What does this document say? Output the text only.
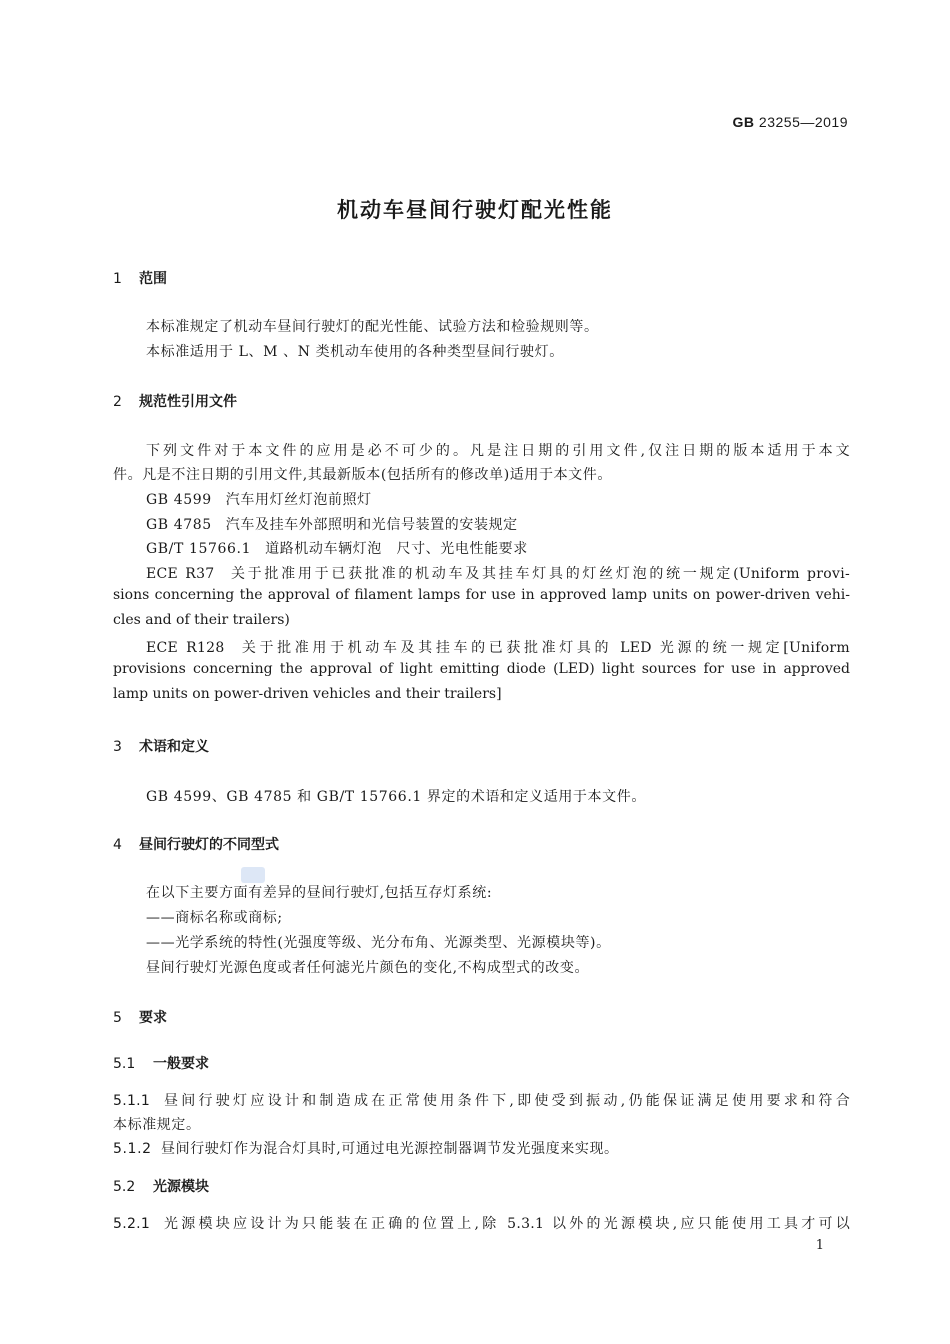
GB 23255—2019
机动车昼间行驶灯配光性能
1 范围
本标准规定了机动车昼间行驶灯的配光性能、试验方法和检验规则等。
本标准适用于 L、M 、N 类机动车使用的各种类型昼间行驶灯。
2 规范性引用文件
下列文件对于本文件的应用是必不可少的。凡是注日期的引用文件,仅注日期的版本适用于本文
件。凡是不注日期的引用文件,其最新版本(包括所有的修改单)适用于本文件。
GB 4599 汽车用灯丝灯泡前照灯
GB 4785 汽车及挂车外部照明和光信号装置的安装规定
GB/T 15766.1 道路机动车辆灯泡　尺寸、光电性能要求
ECE R37 关于批准用于已获批准的机动车及其挂车灯具的灯丝灯泡的统一规定(Uniform provi-
sions concerning the approval of filament lamps for use in approved lamp units on power-driven vehi-
cles and of their trailers)
ECE R128 关于批准用于机动车及其挂车的已获批准灯具的 LED 光源的统一规定[Uniform
provisions concerning the approval of light emitting diode (LED) light sources for use in approved
lamp units on power-driven vehicles and their trailers]
3 术语和定义
GB 4599、GB 4785 和 GB/T 15766.1 界定的术语和定义适用于本文件。
4 昼间行驶灯的不同型式
在以下主要方面有差异的昼间行驶灯,包括互存灯系统:
——商标名称或商标;
——光学系统的特性(光强度等级、光分布角、光源类型、光源模块等)。
昼间行驶灯光源色度或者任何滤光片颜色的变化,不构成型式的改变。
5 要求
5.1 一般要求
5.1.1 昼间行驶灯应设计和制造成在正常使用条件下,即使受到振动,仍能保证满足使用要求和符合
本标准规定。
5.1.2 昼间行驶灯作为混合灯具时,可通过电光源控制器调节发光强度来实现。
5.2 光源模块
5.2.1 光源模块应设计为只能装在正确的位置上,除 5.3.1 以外的光源模块,应只能使用工具才可以
1
